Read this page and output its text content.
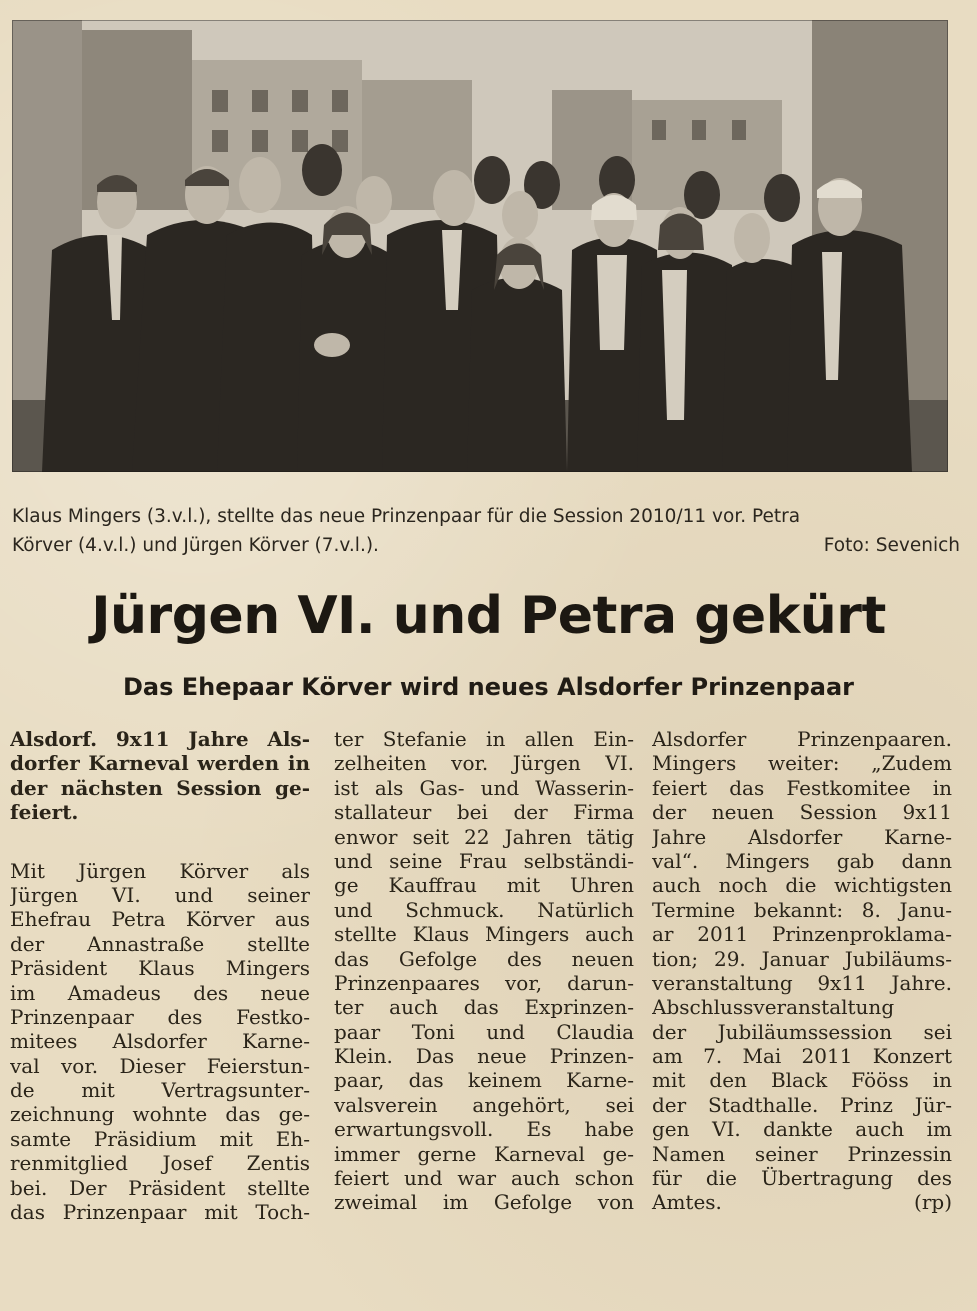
Klaus Mingers (3.v.l.), stellte das neue Prinzenpaar für die Session 2010/11 vor. Petra
Körver (4.v.l.) und Jürgen Körver (7.v.l.).	Foto: Sevenich
Jürgen VI. und Petra gekürt
Das Ehepaar Körver wird neues Alsdorfer Prinzenpaar
Alsdorf. 9x11 Jahre Als-
dorfer Karneval werden in
der nächsten Session ge-
feiert.
Mit Jürgen Körver als
Jürgen VI. und seiner
Ehefrau Petra Körver aus
der Annastraße stellte
Präsident Klaus Mingers
im Amadeus des neue
Prinzenpaar des Festko-
mitees Alsdorfer Karne-
val vor. Dieser Feierstun-
de mit Vertragsunter-
zeichnung wohnte das ge-
samte Präsidium mit Eh-
renmitglied Josef Zentis
bei. Der Präsident stellte
das Prinzenpaar mit Toch-
ter Stefanie in allen Ein-
zelheiten vor. Jürgen VI.
ist als Gas- und Wasserin-
stallateur bei der Firma
enwor seit 22 Jahren tätig
und seine Frau selbständi-
ge Kauffrau mit Uhren
und Schmuck. Natürlich
stellte Klaus Mingers auch
das Gefolge des neuen
Prinzenpaares vor, darun-
ter auch das Exprinzen-
paar Toni und Claudia
Klein. Das neue Prinzen-
paar, das keinem Karne-
valsverein angehört, sei
erwartungsvoll. Es habe
immer gerne Karneval ge-
feiert und war auch schon
zweimal im Gefolge von
Alsdorfer Prinzenpaaren.
Mingers weiter: „Zudem
feiert das Festkomitee in
der neuen Session 9x11
Jahre Alsdorfer Karne-
val“. Mingers gab dann
auch noch die wichtigsten
Termine bekannt: 8. Janu-
ar 2011 Prinzenproklama-
tion; 29. Januar Jubiläums-
veranstaltung 9x11 Jahre.
Abschlussveranstaltung
der Jubiläumssession sei
am 7. Mai 2011 Konzert
mit den Black Fööss in
der Stadthalle. Prinz Jür-
gen VI. dankte auch im
Namen seiner Prinzessin
für die Übertragung des
Amtes.	(rp)
